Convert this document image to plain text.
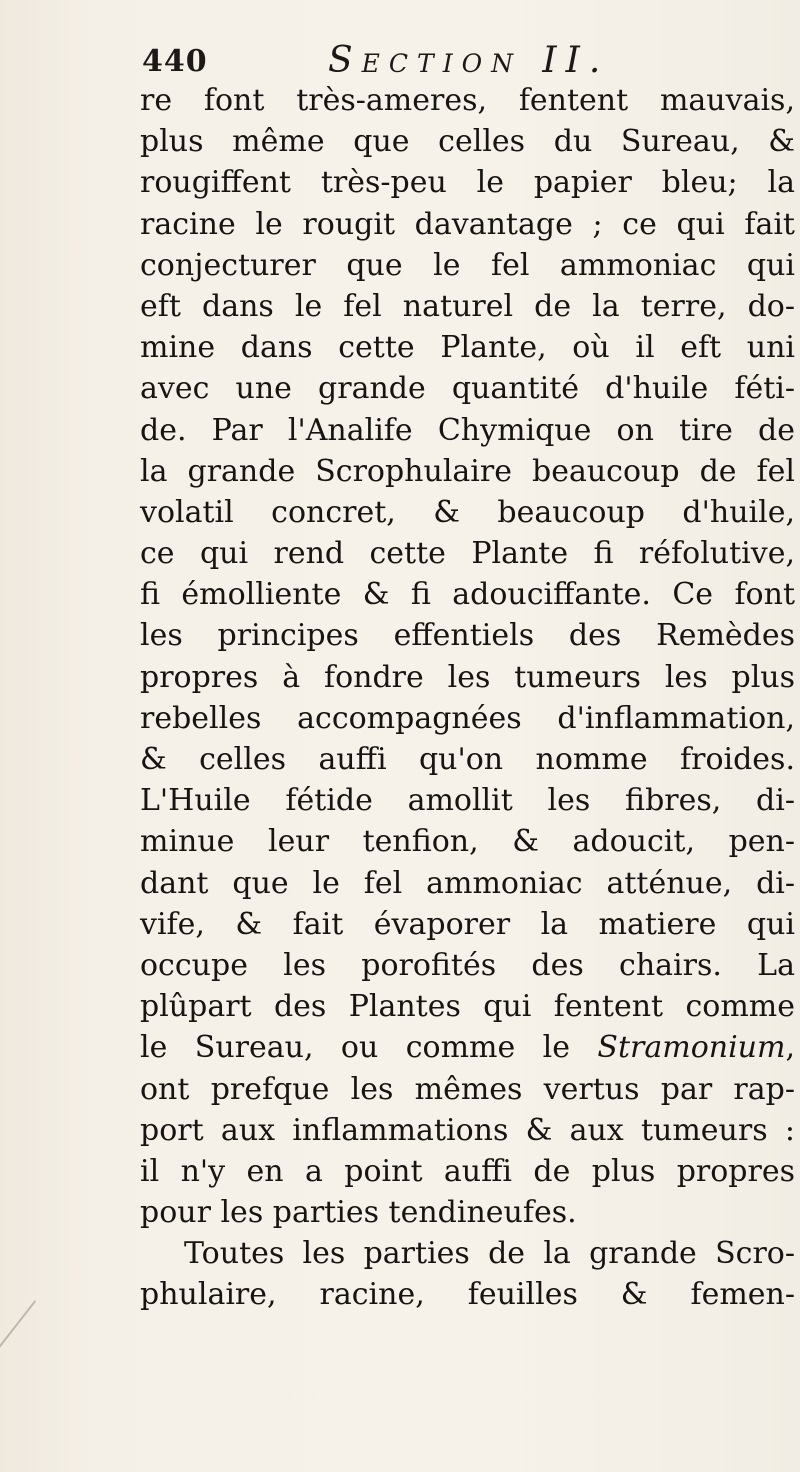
440	Section II.
re font très-ameres, fentent mauvais,
plus même que celles du Sureau, &
rougiffent très-peu le papier bleu; la
racine le rougit davantage ; ce qui fait
conjecturer que le fel ammoniac qui
eft dans le fel naturel de la terre, do-
mine dans cette Plante, où il eft uni
avec une grande quantité d'huile féti-
de. Par l'Analife Chymique on tire de
la grande Scrophulaire beaucoup de fel
volatil concret, & beaucoup d'huile,
ce qui rend cette Plante fi réfolutive,
fi émolliente & fi adouciffante. Ce font
les principes effentiels des Remèdes
propres à fondre les tumeurs les plus
rebelles accompagnées d'inflammation,
& celles auffi qu'on nomme froides.
L'Huile fétide amollit les fibres, di-
minue leur tenfion, & adoucit, pen-
dant que le fel ammoniac atténue, di-
vife, & fait évaporer la matiere qui
occupe les porofités des chairs. La
plûpart des Plantes qui fentent comme
le Sureau, ou comme le Stramonium,
ont prefque les mêmes vertus par rap-
port aux inflammations & aux tumeurs :
il n'y en a point auffi de plus propres
pour les parties tendineufes.
Toutes les parties de la grande Scro-
phulaire, racine, feuilles & femen-
